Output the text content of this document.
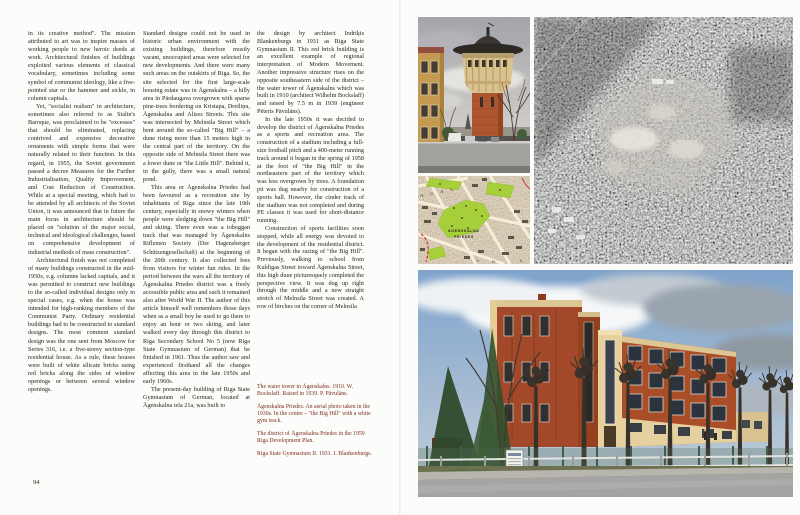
in its creative method". The mission attributed to art was to inspire masses of working people to new heroic deeds at work. Architectural finishes of buildings exploited various elements of classical vocabulary, sometimes including some symbol of communist ideology, like a five-pointed star or the hammer and sickle, in column capitals.

Yet, "socialist realism" in architecture, sometimes also referred to as Stalin's Baroque, was proclaimed to be "excesses" that should be eliminated, replacing contrived and expensive decorative ornaments with simple forms that were naturally related to their function. In this regard, in 1955, the Soviet government passed a decree Measures for the Further Industrialisation, Quality Improvement, and Cost Reduction of Construction. While at a special meeting, which had to be attended by all architects of the Soviet Union, it was announced that in future the main focus in architecture should be placed on "solution of the major social, technical and ideological challenges, based on comprehensive development of industrial methods of mass construction".

Architectural finish was not completed of many buildings constructed in the mid-1950s, e.g. columns lacked capitals, and it was permitted to construct new buildings to the so-called individual designs only in special cases, e.g. when the house was intended for high-ranking members of the Communist Party. Ordinary residential buildings had to be constructed to standard designs. The most common standard design was the one sent from Moscow for Series 316, i.e. a five-storey section-type residential house. As a rule, these houses were built of white silicate bricks using red bricks along the sides of window openings or between several window openings.

Standard designs could not be used in historic urban environment with the existing buildings, therefore mostly vacant, unoccupied areas were selected for new developments. And there were many such areas on the outskirts of Riga. So, the site selected for the first large-scale housing estate was in Āgenskalns – a hilly area in Pārdaugava overgrown with sparse pine-trees bordering on Kristapa, Dreiliņu, Āgenskalna and Alises Streets. This site was intersected by Melnsila Street which bent around the so-called "Big Hill" – a dune rising more than 15 meters high in the central part of the territory. On the opposite side of Melnsila Street there was a lower dune or "the Little Hill". Behind it, in the gully, there was a small natural pond.

This area or Āgenskalna Priedes had been favoured as a recreation site by inhabitants of Riga since the late 19th century, especially in snowy winters when people were sledging down "the Big Hill" and skiing. There even was a toboggan track that was managed by Āgenskalns Riflemen Society (Der Hagensberger Schützengesellschaft) at the beginning of the 20th century. It also collected fees from visitors for winter fun rides. In the period between the wars all the territory of Āgenskalna Priedes district was a freely accessible public area and such it remained also after World War II. The author of this article himself well remembers those days when as a small boy he used to go there to enjoy an hour or two skiing, and later walked every day through this district to Riga Secondary School No 5 (now Riga State Gymnasium of German) that he finished in 1961. Thus the author saw and experienced firsthand all the changes affecting this area in the late 1950s and early 1960s.

The present-day building of Riga State Gymnasium of German, located at Āgenskalna iela 21a, was built to

the design by architect Indriķis Blankenburgs in 1931 as Riga State Gymnasium II. This red brick building is an excellent example of regional interpretation of Modern Movement. Another impressive structure rises on the opposite southeastern side of the district – the water tower of Āgenskalns which was built in 1910 (architect Wilhelm Bockslaff) and raised by 7.5 m in 1939 (engineer Pēteris Pāvulāns).

In the late 1950s it was decided to develop the district of Āgenskalna Priedes as a sports and recreation area. The construction of a stadium including a full-size football pitch and a 400-meter running track around it began in the spring of 1958 at the foot of "the Big Hill" in the northeastern part of the territory which was less overgrown by trees. A foundation pit was dug nearby for construction of a sports hall. However, the cinder track of the stadium was not completed and during PE classes it was used for short-distance running.

Construction of sports facilities soon stopped, while all energy was devoted to the development of the residential district. It began with the razing of "the Big Hill". Previously, walking to school from Kuldīgas Street toward Āgenskalna Street, this high dune picturesquely completed the perspective view. It was dug up right through the middle and a new straight stretch of Melnsila Street was created. A row of birches on the corner of Melnsila

The water tower in Āgenskalns. 1910. W. Bockslaff. Raised in 1939. P. Pāvulāns.

Āgenskalna Priedes. An aerial photo taken in the 1930s. In the centre – "the Big Hill" with a white gym track.

The district of Āgenskalna Priedes in the 1959 Riga Development Plan.

Riga State Gymnasium II. 1931. I. Blankenburgs.

94
ĀGENSKALNA
PRIEDES
A U X S
S	K	L
